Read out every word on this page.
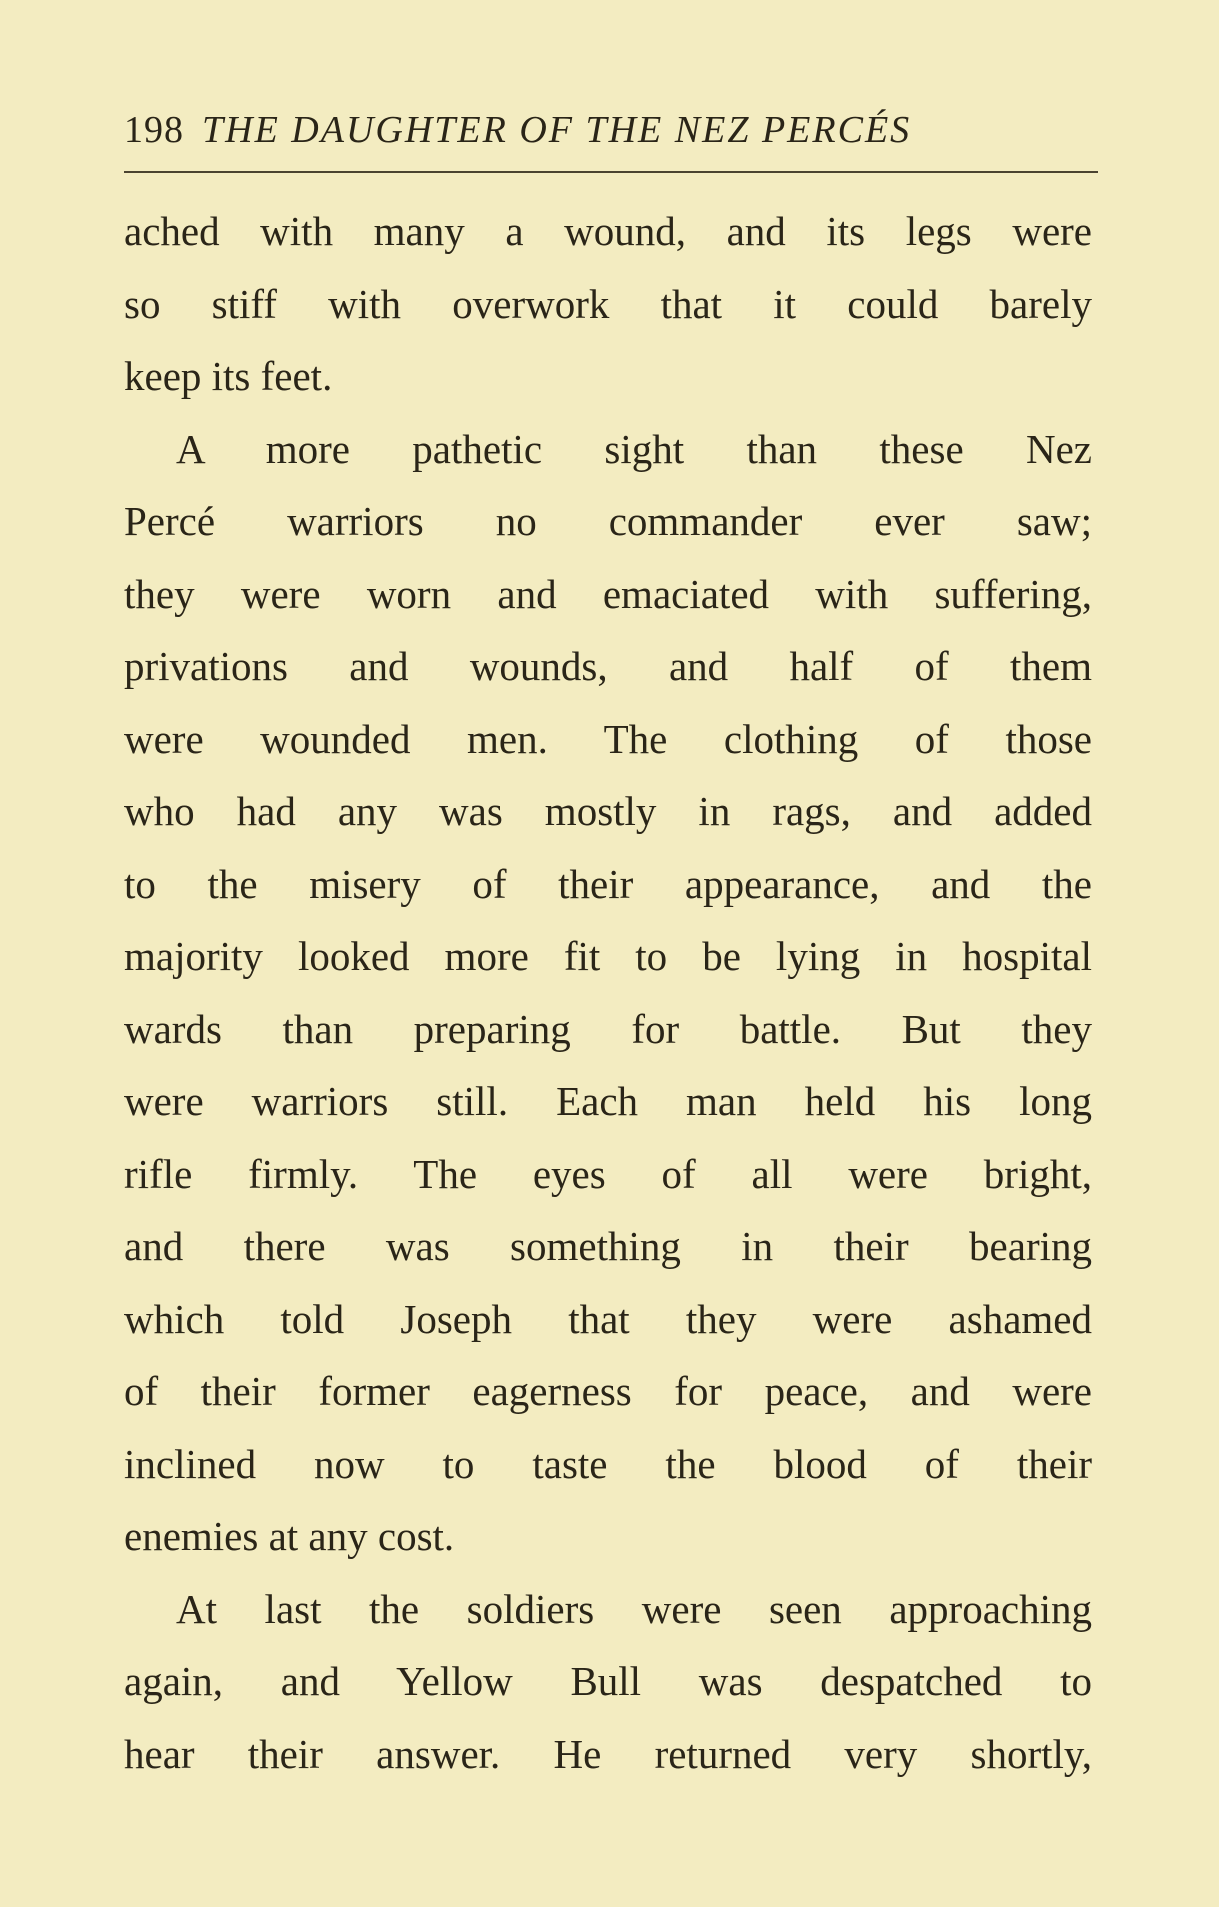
198 THE DAUGHTER OF THE NEZ PERCÉS
ached with many a wound, and its legs were
so stiff with overwork that it could barely
keep its feet.
A more pathetic sight than these Nez
Percé warriors no commander ever saw;
they were worn and emaciated with suffering,
privations and wounds, and half of them
were wounded men. The clothing of those
who had any was mostly in rags, and added
to the misery of their appearance, and the
majority looked more fit to be lying in hospital
wards than preparing for battle. But they
were warriors still. Each man held his long
rifle firmly. The eyes of all were bright,
and there was something in their bearing
which told Joseph that they were ashamed
of their former eagerness for peace, and were
inclined now to taste the blood of their
enemies at any cost.
At last the soldiers were seen approaching
again, and Yellow Bull was despatched to
hear their answer. He returned very shortly,
